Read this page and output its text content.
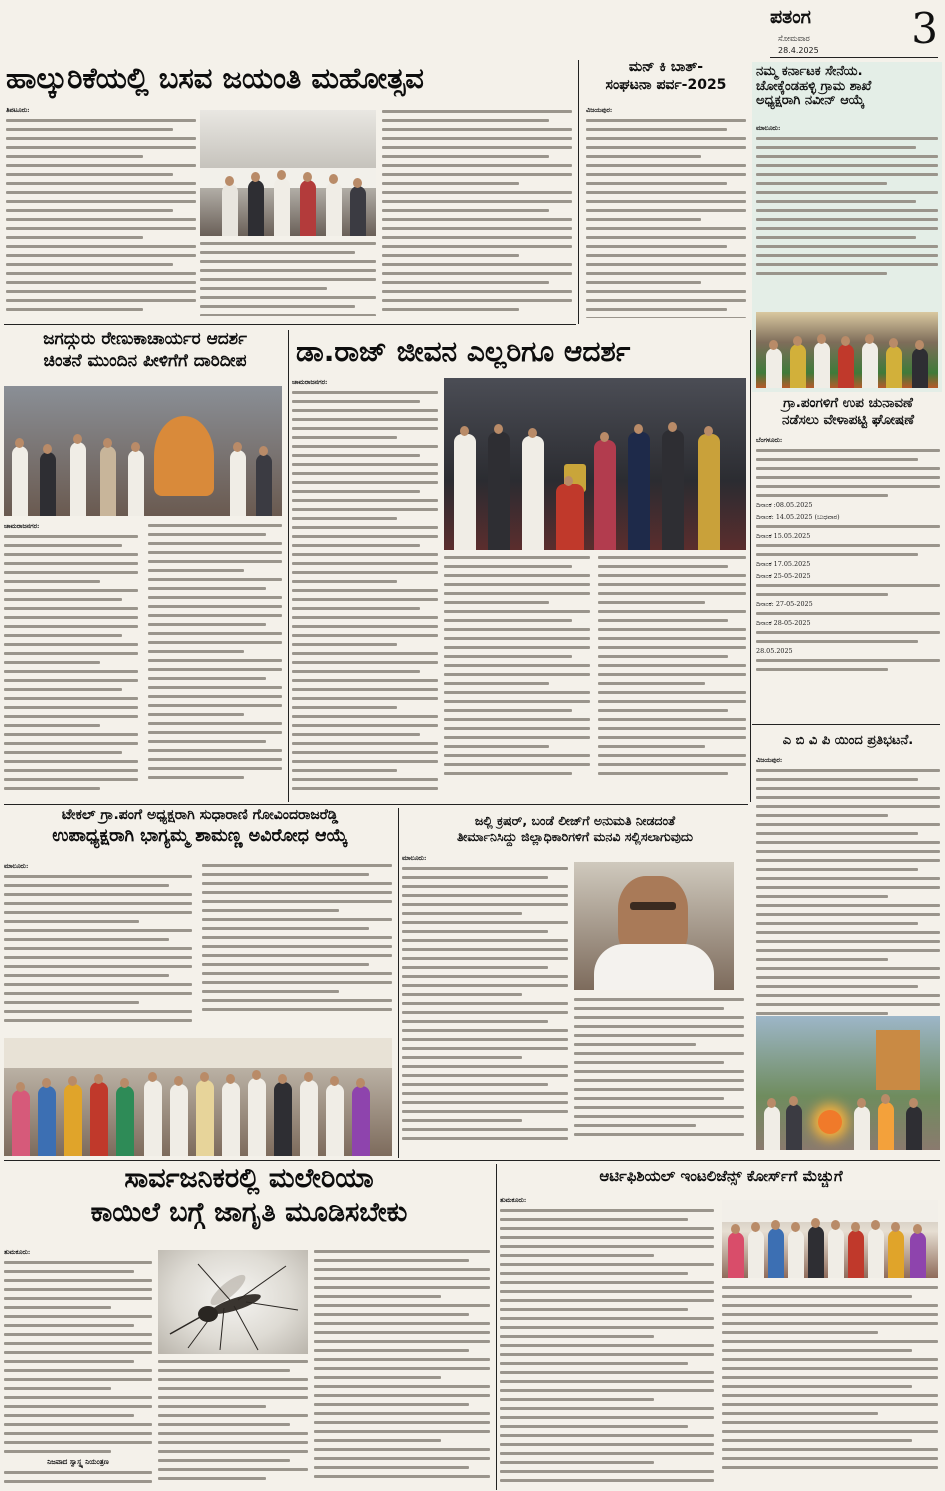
ಪತಂಗ
ಸೋಮವಾರ
28.4.2025 3
ಹಾಲ್ಕುರಿಕೆಯಲ್ಲಿ ಬಸವ ಜಯಂತಿ ಮಹೋತ್ಸವ
ತಿಪಟೂರು:
ಮನ್ ಕಿ ಬಾತ್-
ಸಂಘಟನಾ ಪರ್ವ-2025
ವಿಜಯಪುರ:
ನಮ್ಮ ಕರ್ನಾಟಕ ಸೇನೆಯ.
ಚೋಕ್ಕೆಂಡಹಳ್ಳಿ ಗ್ರಾಮ ಶಾಖೆ
ಅಧ್ಯಕ್ಷರಾಗಿ ನವೀನ್ ಆಯ್ಕೆ
ಮಾಲೂರು:
ಜಗದ್ಗುರು ರೇಣುಕಾಚಾರ್ಯರ ಆದರ್ಶ
ಚಿಂತನೆ ಮುಂದಿನ ಪೀಳಿಗೆಗೆ ದಾರಿದೀಪ
ಚಾಮರಾಜನಗರ:
ಡಾ.ರಾಜ್ ಜೀವನ ಎಲ್ಲರಿಗೂ ಆದರ್ಶ
ಚಾಮರಾಜನಗರ:
ಗ್ರಾ.ಪಂಗಳಿಗೆ ಉಪ ಚುನಾವಣೆ
ನಡೆಸಲು ವೇಳಾಪಟ್ಟಿ ಘೋಷಣೆ
ಬೆಂಗಳೂರು:
ದಿನಾಂಕ :08.05.2025
ದಿನಾಂಕ: 14.05.2025 (ಬುಧವಾರ)
ದಿನಾಂಕ 15.05.2025
ದಿನಾಂಕ 17.05.2025
ದಿನಾಂಕ 25-05-2025
ದಿನಾಂಕ: 27-05-2025
ದಿನಾಂಕ 28-05-2025
28.05.2025
ಎ ಬಿ ವಿ ಪಿ ಯಿಂದ ಪ್ರತಿಭಟನೆ.
ವಿಜಯಪುರ:
ಟೇಕಲ್ ಗ್ರಾ.ಪಂಗೆ ಅಧ್ಯಕ್ಷರಾಗಿ ಸುಧಾರಾಣಿ ಗೋವಿಂದರಾಜರೆಡ್ಡಿ
ಉಪಾಧ್ಯಕ್ಷರಾಗಿ ಭಾಗ್ಯಮ್ಮ ಶಾಮಣ್ಣ ಅವಿರೋಧ ಆಯ್ಕೆ
ಮಾಲೂರು:
ಜಲ್ಲಿ ಕ್ರಷರ್, ಬಂಡೆ ಲೀಜ್‌ಗೆ ಅನುಮತಿ ನೀಡದಂತೆ
ತೀರ್ಮಾನಿಸಿದ್ದು ಜಿಲ್ಲಾಧಿಕಾರಿಗಳಿಗೆ ಮನವಿ ಸಲ್ಲಿಸಲಾಗುವುದು
ಮಾಲೂರು:
ಸಾರ್ವಜನಿಕರಲ್ಲಿ ಮಲೇರಿಯಾ
ಕಾಯಿಲೆ ಬಗ್ಗೆ ಜಾಗೃತಿ ಮೂಡಿಸಬೇಕು
ತುಮಕೂರು:
ನಿಜವಾದ ಸ್ವಾಸ್ಥ್ಯ ನಿಯಂತ್ರಣ
ಆರ್ಟಿಫಿಶಿಯಲ್ ಇಂಟಲಿಜೆನ್ಸ್ ಕೋರ್ಸ್‌ಗೆ ಮೆಚ್ಚುಗೆ
ತುಮಕೂರು:
